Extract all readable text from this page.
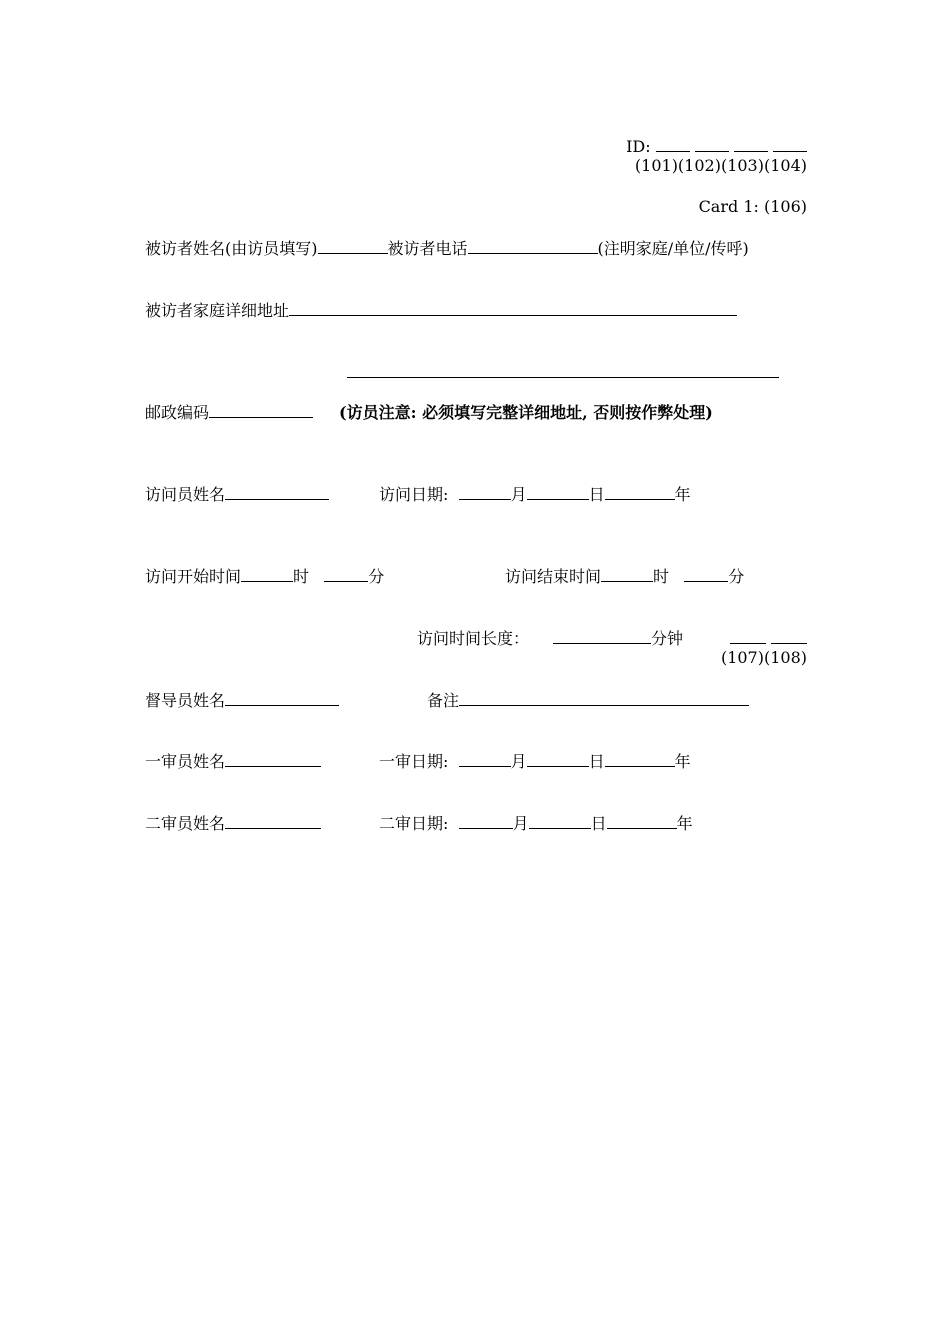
ID:
(101)(102)(103)(104)
Card 1: (106)
被访者姓名(由访员填写)	被访者电话	(注明家庭/单位/传呼)
被访者家庭详细地址
邮政编码	(访员注意: 必须填写完整详细地址, 否则按作弊处理)
访问员姓名	访问日期:	月	日	年
访问开始时间	时	分	访问结束时间	时	分
访问时间长度：	分钟

(107)(108)
督导员姓名	备注
一审员姓名	一审日期:	月	日	年
二审员姓名	二审日期:	月	日	年
